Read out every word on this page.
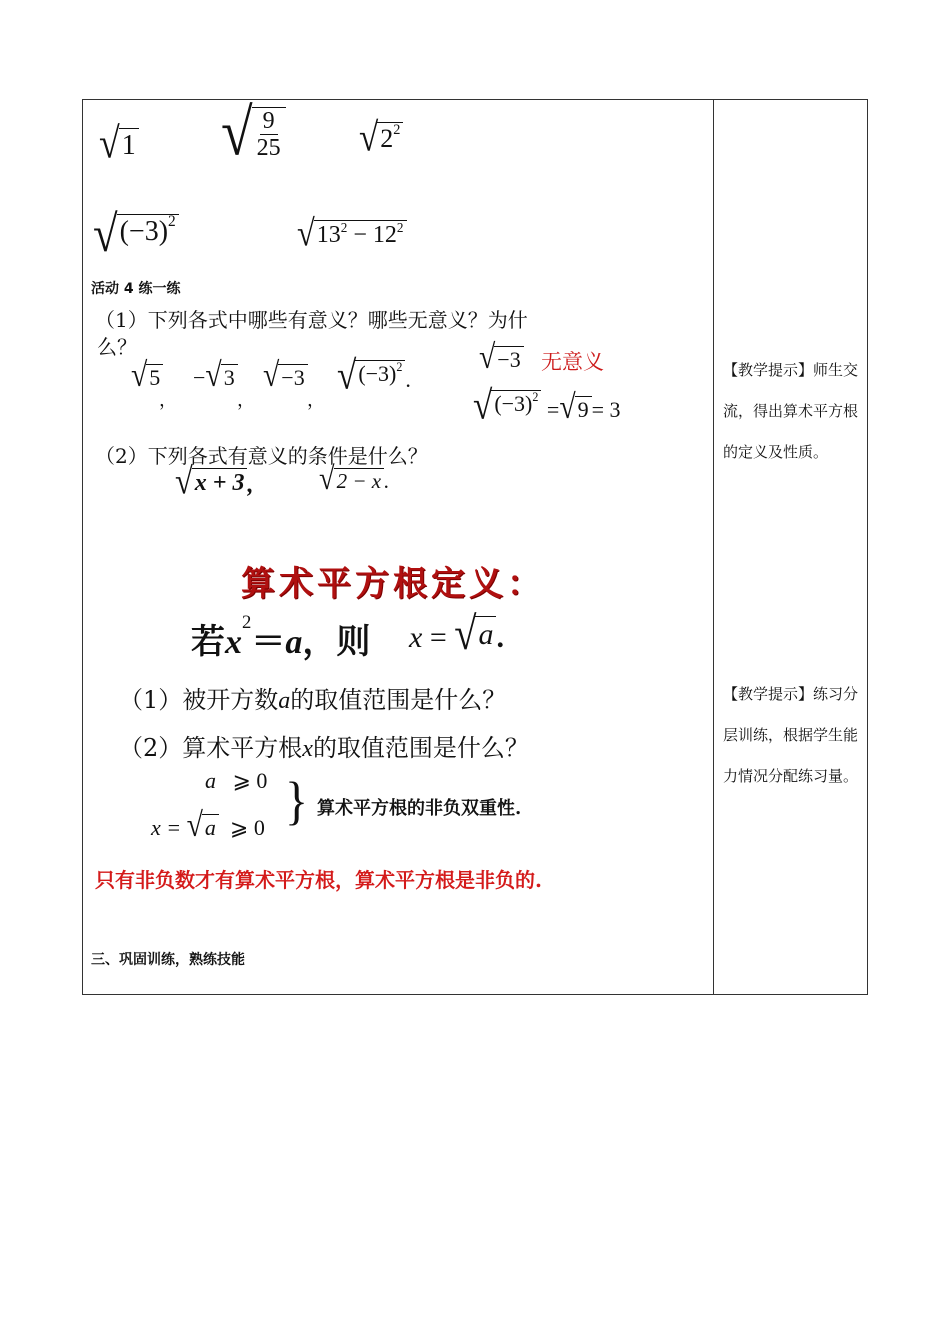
√ 1 √ $\frac{9}{25}$ √ $2^2$
√ $(-3)^2$	√ $13^2 - 12^2$
活动 4 练一练
（1）下列各式中哪些有意义？哪些无意义？为什
么？
√ 5
，
− √ 3
，
√ −3
，
√ $(-3)^2$
.
√ −3 无意义
√ $(-3)^2$
= √ 9 = 3
（2）下列各式有意义的条件是什么？
√ x + 3 , √ 2 − x .
算术平方根定义：
若$x^2=a$，则 x = √ a .
（1）被开方数a的取值范围是什么？
（2）算术平方根x的取值范围是什么？
a ⩾ 0
x = √ a ⩾ 0 } 算术平方根的非负双重性.
只有非负数才有算术平方根，算术平方根是非负的.
三、巩固训练，熟练技能
【教学提示】师生交流，得出算术平方根的定义及性质。
【教学提示】练习分层训练，根据学生能力情况分配练习量。
